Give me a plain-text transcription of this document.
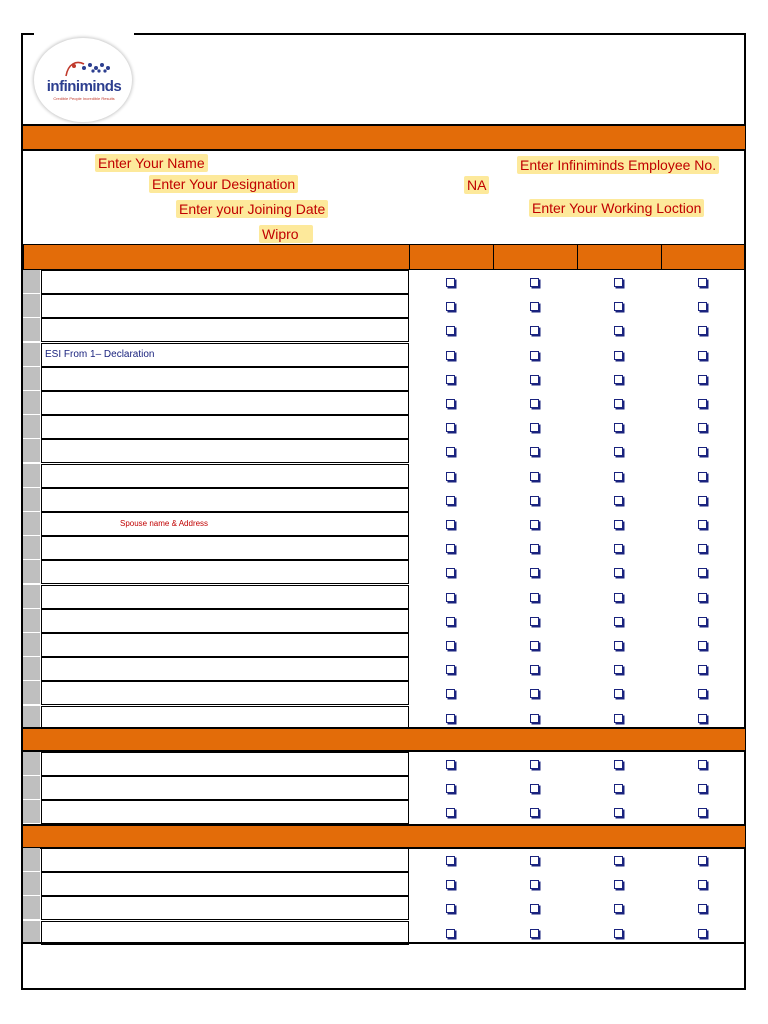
infiniminds
Credible People Incredible Results
Enter Your Name
Enter Your Designation
Enter your Joining Date
Wipro
Enter Infiniminds Employee No.
NA
Enter Your Working Loction
ESI From 1– Declaration
Spouse name & Address
